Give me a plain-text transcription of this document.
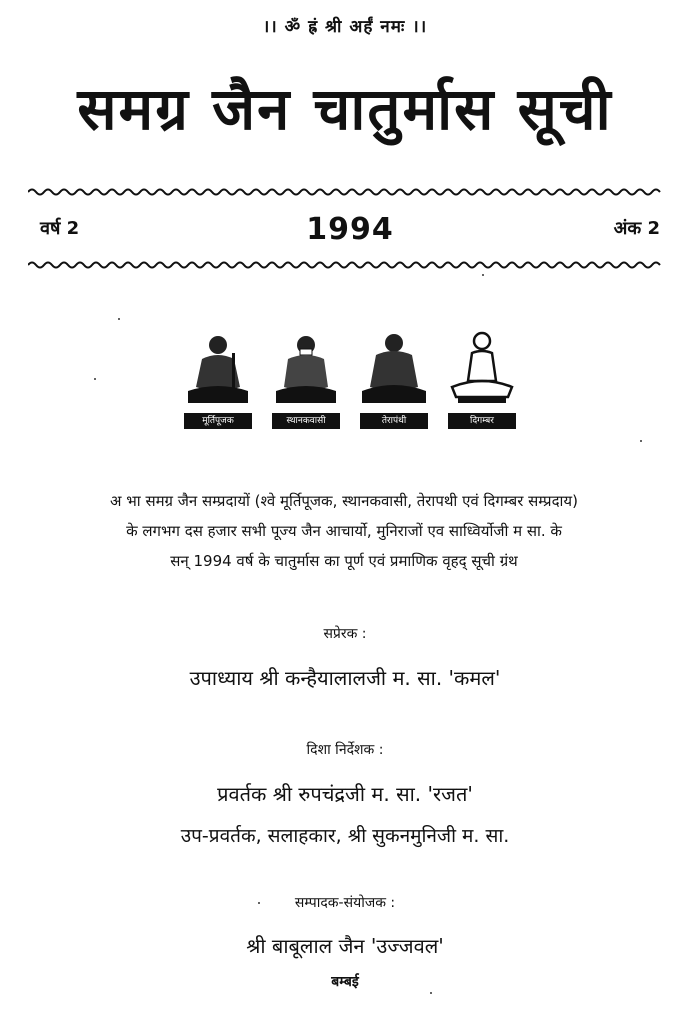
।। ॐ ह्रं श्री अर्हं नमः ।।
समग्र जैन चातुर्मास सूची
वर्ष 2	1994	अंक 2
मूर्तिपूजक	स्थानकवासी	तेरापंथी	दिगम्बर
अ भा समग्र जैन सम्प्रदायों (श्वे मूर्तिपूजक, स्थानकवासी, तेरापथी एवं दिगम्बर सम्प्रदाय)
के लगभग दस हजार सभी पूज्य जैन आचार्यो, मुनिराजों एव साध्विर्योजी म सा. के
सन् 1994 वर्ष के चातुर्मास का पूर्ण एवं प्रमाणिक वृहद् सूची ग्रंथ
सप्रेरक :
उपाध्याय श्री कन्हैयालालजी म. सा. 'कमल'
दिशा निर्देशक :
प्रवर्तक श्री रुपचंद्रजी म. सा. 'रजत'
उप-प्रवर्तक, सलाहकार, श्री सुकनमुनिजी म. सा.
सम्पादक-संयोजक :
श्री बाबूलाल जैन 'उज्जवल'
बम्बई
